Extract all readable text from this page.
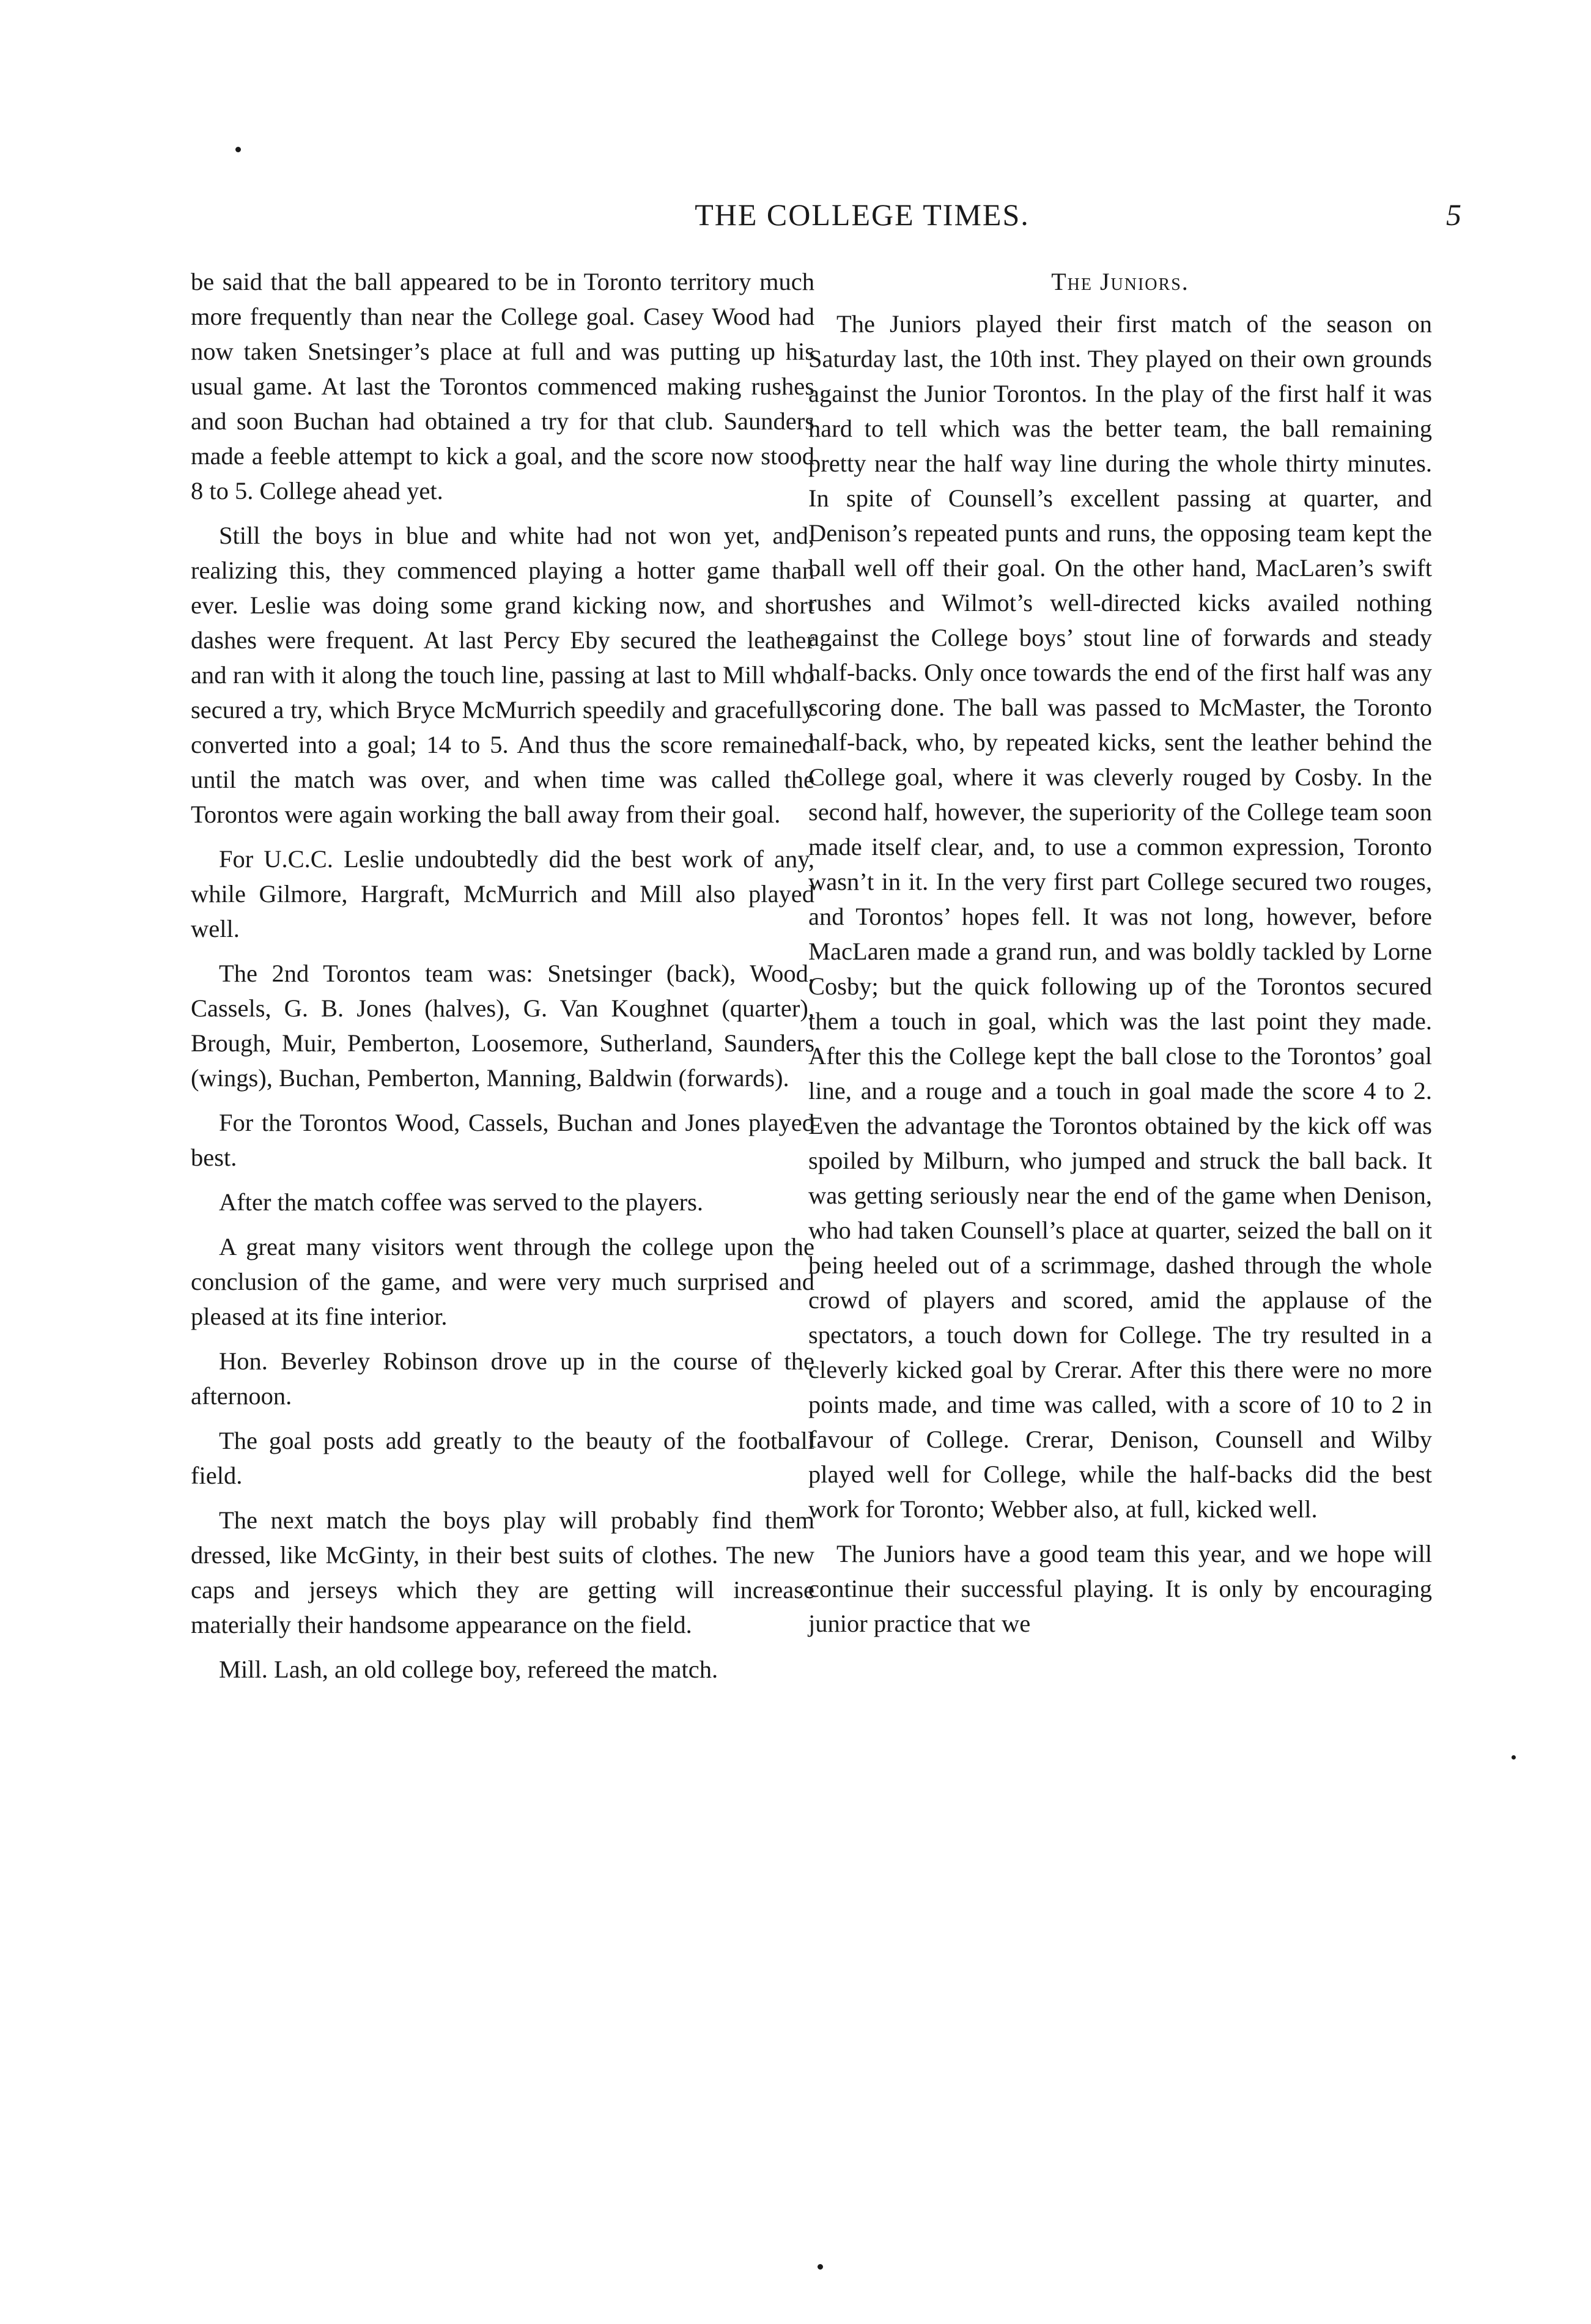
THE COLLEGE TIMES.	5

be said that the ball appeared to be in Toronto territory much more frequently than near the College goal. Casey Wood had now taken Snetsinger’s place at full and was putting up his usual game. At last the Torontos commenced making rushes and soon Buchan had obtained a try for that club. Saunders made a feeble attempt to kick a goal, and the score now stood 8 to 5. College ahead yet.

Still the boys in blue and white had not won yet, and, realizing this, they commenced playing a hotter game than ever. Leslie was doing some grand kicking now, and short dashes were frequent. At last Percy Eby secured the leather and ran with it along the touch line, passing at last to Mill who secured a try, which Bryce McMurrich speedily and gracefully converted into a goal; 14 to 5. And thus the score remained until the match was over, and when time was called the Torontos were again working the ball away from their goal.

For U.C.C. Leslie undoubtedly did the best work of any, while Gilmore, Hargraft, McMurrich and Mill also played well.

The 2nd Torontos team was: Snetsinger (back), Wood, Cassels, G. B. Jones (halves), G. Van Koughnet (quarter), Brough, Muir, Pemberton, Loosemore, Sutherland, Saunders (wings), Buchan, Pemberton, Manning, Baldwin (forwards).

For the Torontos Wood, Cassels, Buchan and Jones played best.

After the match coffee was served to the players.

A great many visitors went through the college upon the conclusion of the game, and were very much surprised and pleased at its fine interior.

Hon. Beverley Robinson drove up in the course of the afternoon.

The goal posts add greatly to the beauty of the football field.

The next match the boys play will probably find them dressed, like McGinty, in their best suits of clothes. The new caps and jerseys which they are getting will increase materially their handsome appearance on the field.

Mill. Lash, an old college boy, refereed the match.

The Juniors.

The Juniors played their first match of the season on Saturday last, the 10th inst. They played on their own grounds against the Junior Torontos. In the play of the first half it was hard to tell which was the better team, the ball remaining pretty near the half way line during the whole thirty minutes. In spite of Counsell’s excellent passing at quarter, and Denison’s repeated punts and runs, the opposing team kept the ball well off their goal. On the other hand, MacLaren’s swift rushes and Wilmot’s well-directed kicks availed nothing against the College boys’ stout line of forwards and steady half-backs. Only once towards the end of the first half was any scoring done. The ball was passed to McMaster, the Toronto half-back, who, by repeated kicks, sent the leather behind the College goal, where it was cleverly rouged by Cosby. In the second half, however, the superiority of the College team soon made itself clear, and, to use a common expression, Toronto wasn’t in it. In the very first part College secured two rouges, and Torontos’ hopes fell. It was not long, however, before MacLaren made a grand run, and was boldly tackled by Lorne Cosby; but the quick following up of the Torontos secured them a touch in goal, which was the last point they made. After this the College kept the ball close to the Torontos’ goal line, and a rouge and a touch in goal made the score 4 to 2. Even the advantage the Torontos obtained by the kick off was spoiled by Milburn, who jumped and struck the ball back. It was getting seriously near the end of the game when Denison, who had taken Counsell’s place at quarter, seized the ball on it being heeled out of a scrimmage, dashed through the whole crowd of players and scored, amid the applause of the spectators, a touch down for College. The try resulted in a cleverly kicked goal by Crerar. After this there were no more points made, and time was called, with a score of 10 to 2 in favour of College. Crerar, Denison, Counsell and Wilby played well for College, while the half-backs did the best work for Toronto; Webber also, at full, kicked well.

The Juniors have a good team this year, and we hope will continue their successful playing. It is only by encouraging junior practice that we
